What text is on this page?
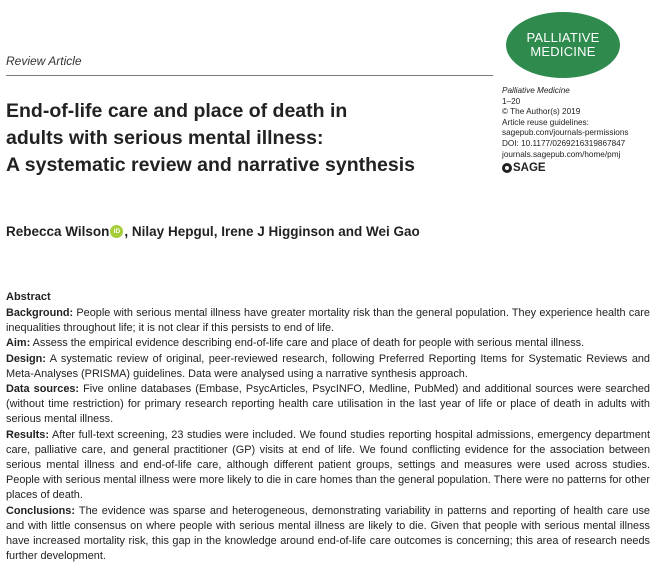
PALLIATIVE
MEDICINE
Review Article
End-of-life care and place of death in
adults with serious mental illness:
A systematic review and narrative synthesis
Palliative Medicine
1–20
© The Author(s) 2019
Article reuse guidelines:
sagepub.com/journals-permissions
DOI: 10.1177/0269216319867847
journals.sagepub.com/home/pmj
SAGE
Rebecca Wilson iD , Nilay Hepgul, Irene J Higginson and Wei Gao
Abstract

Background: People with serious mental illness have greater mortality risk than the general population. They experience health care inequalities throughout life; it is not clear if this persists to end of life.

Aim: Assess the empirical evidence describing end-of-life care and place of death for people with serious mental illness.

Design: A systematic review of original, peer-reviewed research, following Preferred Reporting Items for Systematic Reviews and Meta-Analyses (PRISMA) guidelines. Data were analysed using a narrative synthesis approach.

Data sources: Five online databases (Embase, PsycArticles, PsycINFO, Medline, PubMed) and additional sources were searched (without time restriction) for primary research reporting health care utilisation in the last year of life or place of death in adults with serious mental illness.

Results: After full-text screening, 23 studies were included. We found studies reporting hospital admissions, emergency department care, palliative care, and general practitioner (GP) visits at end of life. We found conflicting evidence for the association between serious mental illness and end-of-life care, although different patient groups, settings and measures were used across studies. People with serious mental illness were more likely to die in care homes than the general population. There were no patterns for other places of death.

Conclusions: The evidence was sparse and heterogeneous, demonstrating variability in patterns and reporting of health care use and with little consensus on where people with serious mental illness are likely to die. Given that people with serious mental illness have increased mortality risk, this gap in the knowledge around end-of-life care outcomes is concerning; this area of research needs further development.
